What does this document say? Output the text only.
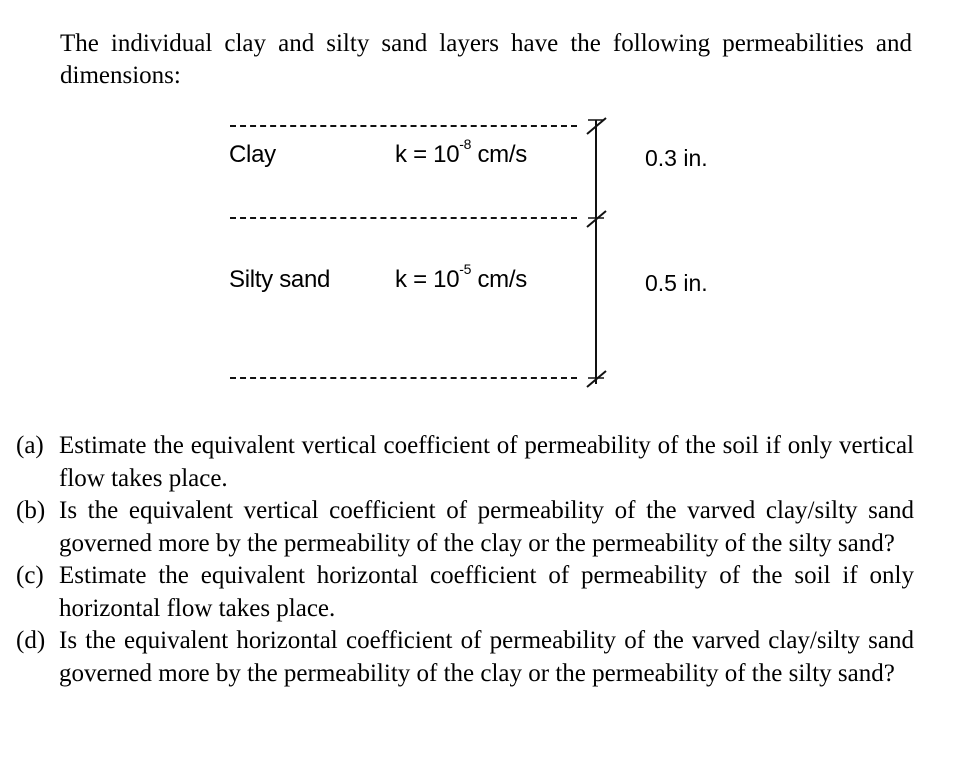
The individual clay and silty sand layers have the following permeabilities and
dimensions:
Clay	$k = 10^{-8}$ cm/s	0.3 in.
Silty sand	$k = 10^{-5}$ cm/s	0.5 in.
(a) Estimate the equivalent vertical coefficient of permeability of the soil if only vertical flow takes place.
(b) Is the equivalent vertical coefficient of permeability of the varved clay/silty sand governed more by the permeability of the clay or the permeability of the silty sand?
(c) Estimate the equivalent horizontal coefficient of permeability of the soil if only horizontal flow takes place.
(d) Is the equivalent horizontal coefficient of permeability of the varved clay/silty sand governed more by the permeability of the clay or the permeability of the silty sand?
